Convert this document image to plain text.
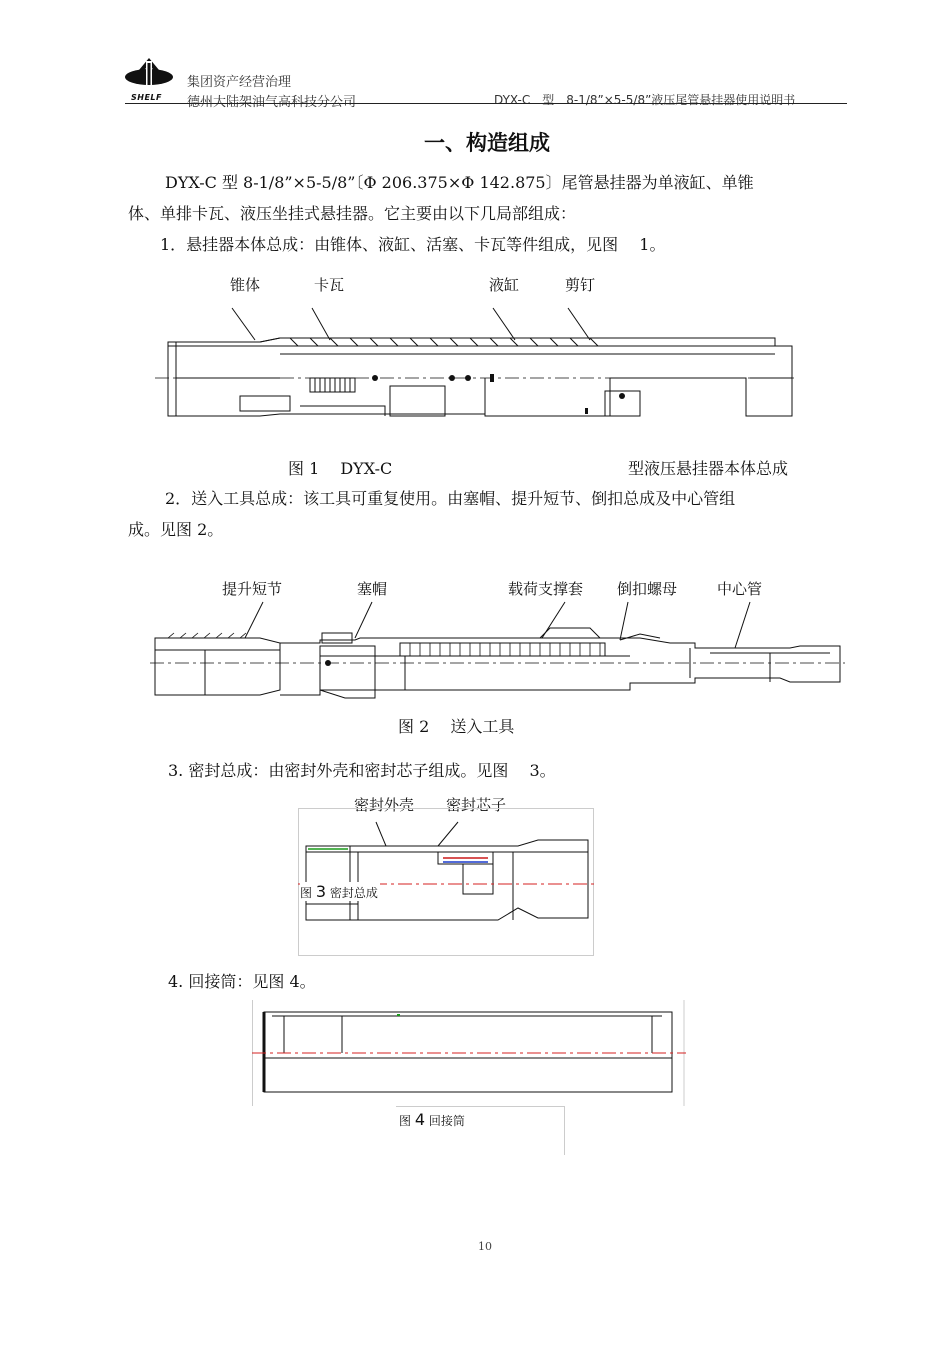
SHELF
集团资产经营治理
德州大陆架油气高科技分公司	DYX-C　型　8-1/8”×5-5/8”液压尾管悬挂器使用说明书
一、构造组成
DYX-C 型 8-1/8”×5-5/8”〔Φ 206.375×Φ 142.875〕尾管悬挂器为单液缸、单锥
体、单排卡瓦、液压坐挂式悬挂器。它主要由以下几局部组成：
1．悬挂器本体总成：由锥体、液缸、活塞、卡瓦等件组成，见图　 1。
锥体	卡瓦	液缸	剪钉
图 1　 DYX-C	型液压悬挂器本体总成
2．送入工具总成：该工具可重复使用。由塞帽、提升短节、倒扣总成及中心管组
成。见图 2。
提升短节	塞帽	载荷支撑套 倒扣螺母	中心管
图 2　 送入工具
3. 密封总成：由密封外壳和密封芯子组成。见图　 3。
密封外壳 密封芯子
图 3 密封总成
4. 回接筒：见图 4。
图 4 回接筒
10
